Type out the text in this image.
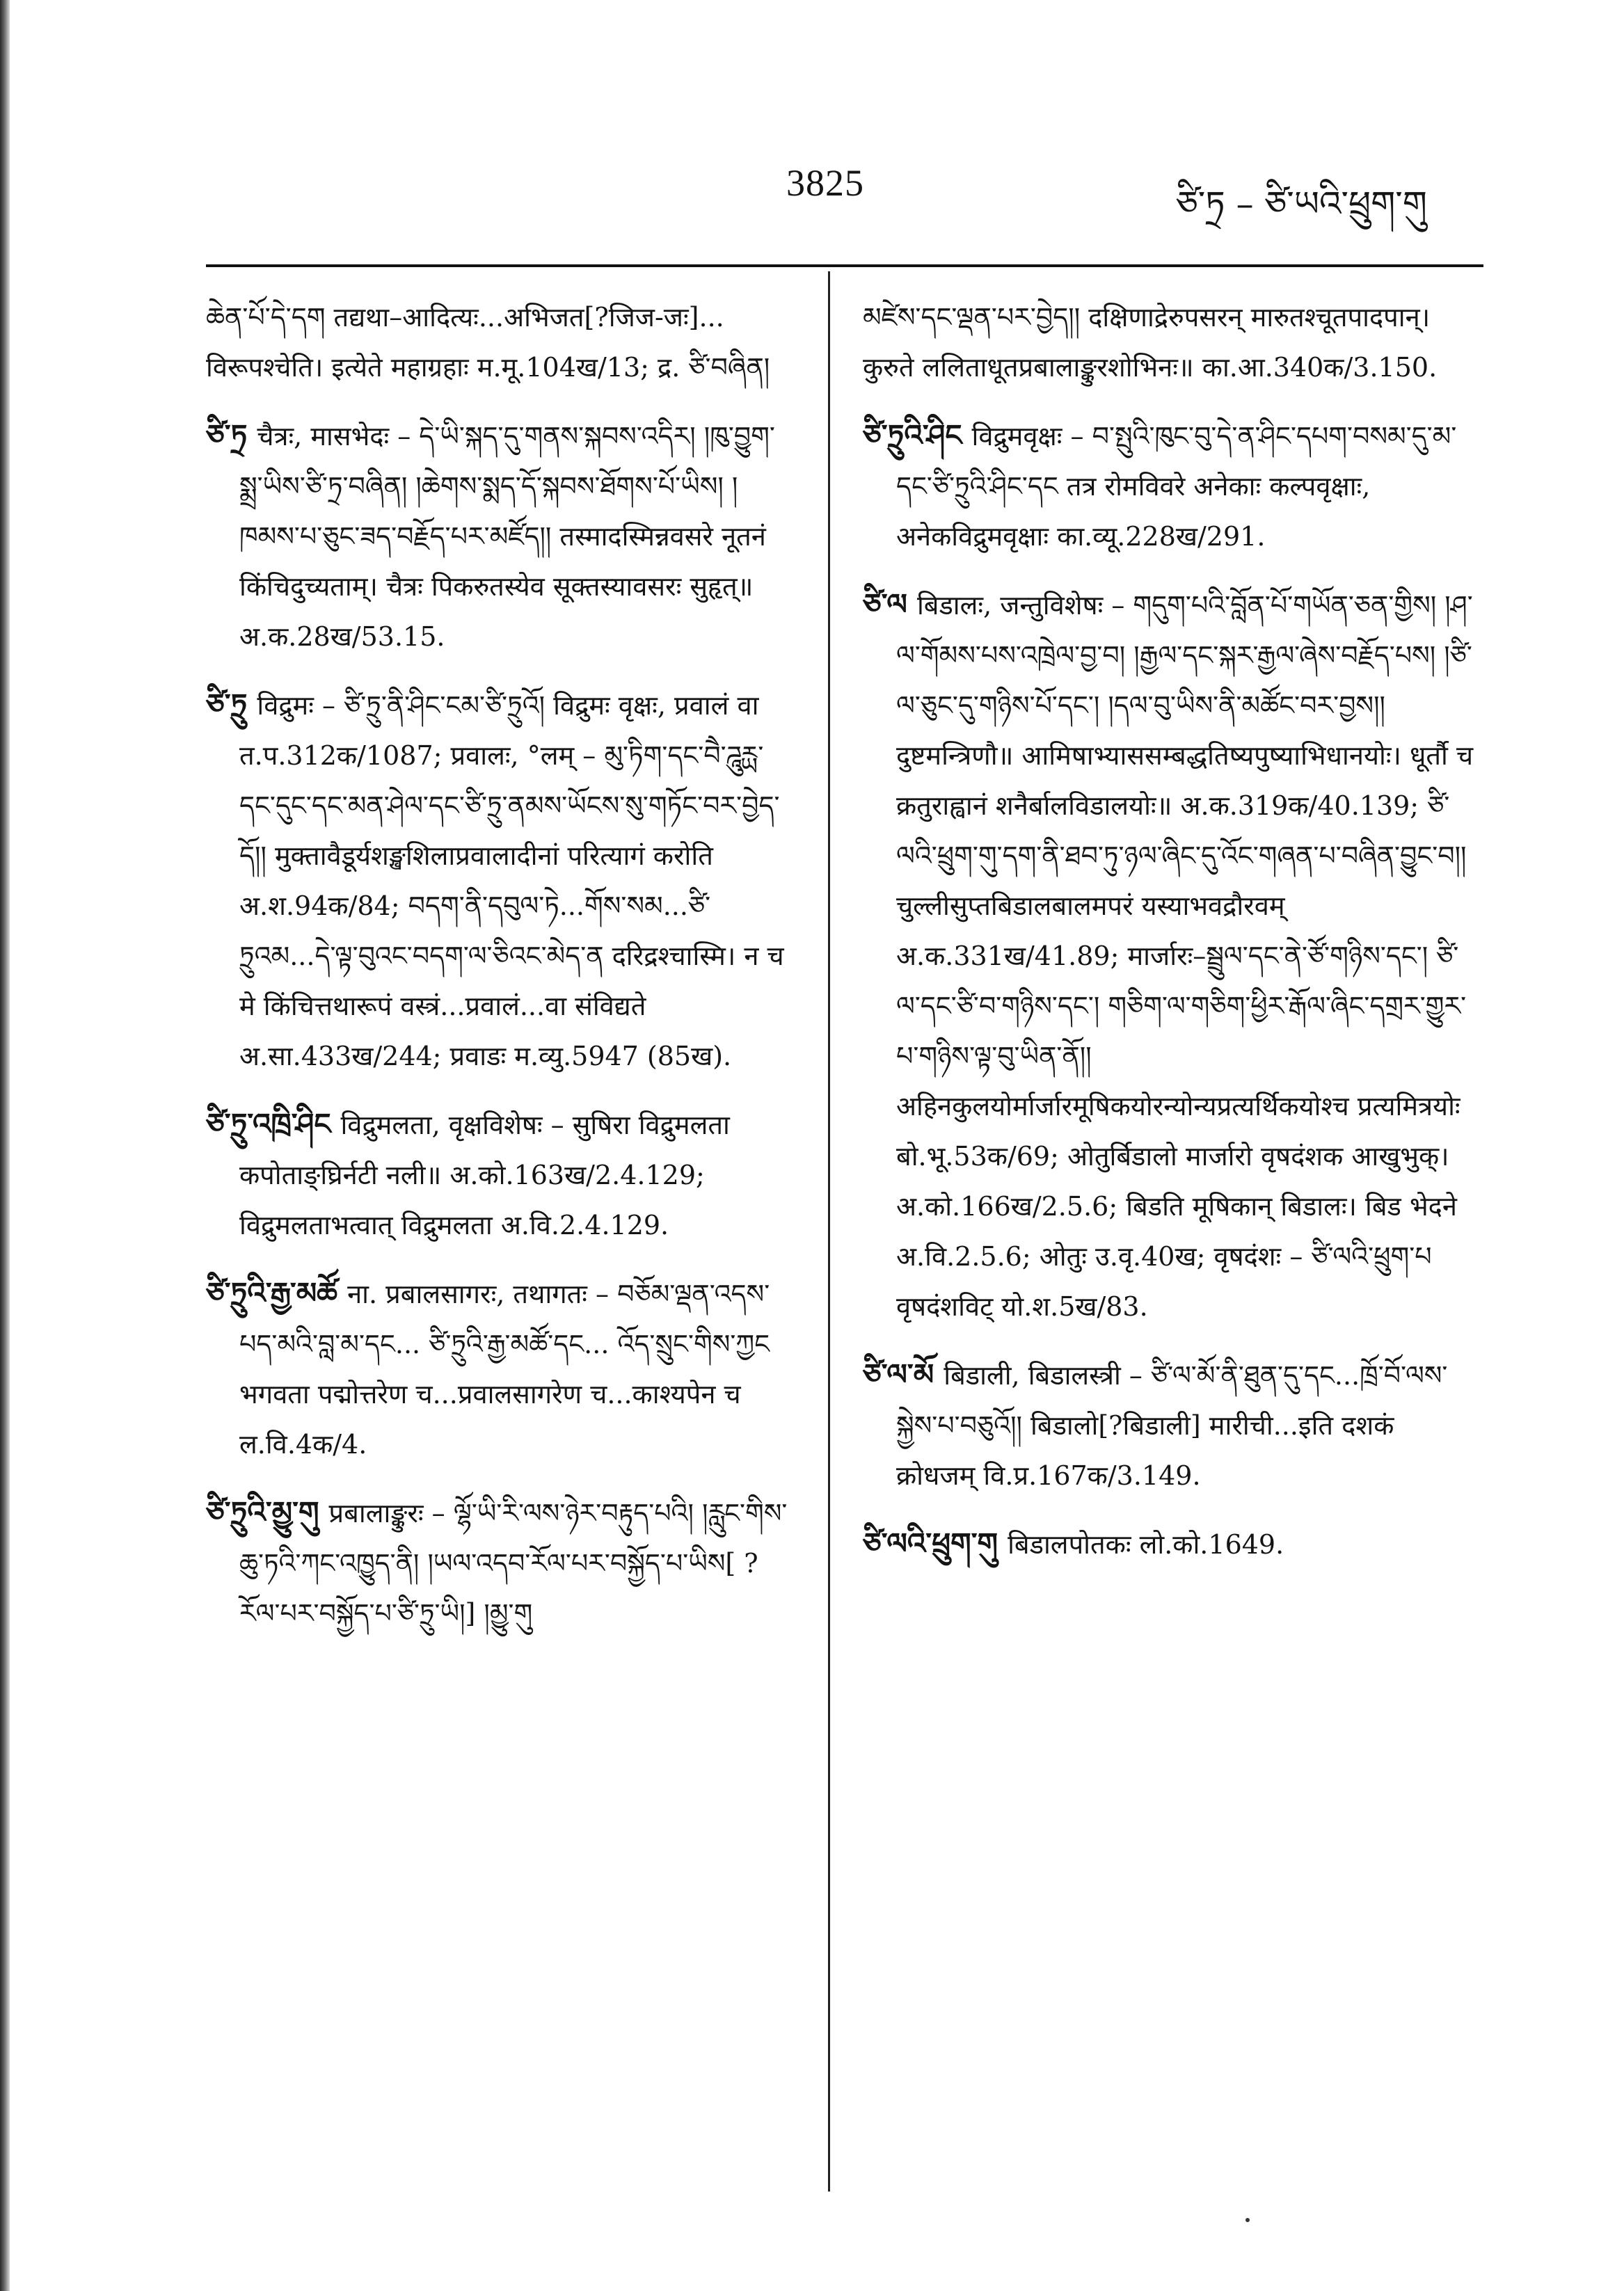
3825	ཙི་ཏྲ – ཙི་ཡའི་ཕྲུག་གུ

ཆེན་པོ་དེ་དག तद्यथा–आदित्यः...अभिजत[?जिज-जः]... विरूपश्चेति। इत्येते महाग्रहाः म.मू.104ख/13; द्र. ཙི་བཞིན།

ཙི་ཏྲ चैत्रः, मासभेदः – དེ་ཡི་སྐད་དུ་གནས་སྐབས་འདིར། །ཁུ་བྱུག་སྨྲ་ཡིས་ཙི་ཏྲ་བཞིན། །ཆེགས་སྨད་དོ་སྐབས་ཐོགས་པོ་ཡིས། །ཁམས་པ་ཅུང་ཟད་བརྗོད་པར་མཛོད།། तस्मादस्मिन्नवसरे नूतनं किंचिदुच्यताम्। चैत्रः पिकरुतस्येव सूक्तस्यावसरः सुहृत्॥ अ.क.28ख/53.15.

ཙི་ཏྲུ विद्रुमः – ཙི་ཏྲུ་ནི་ཤིང་ངམ་ཙི་ཏྲུའོ། विद्रुमः वृक्षः, प्रवालं वा त.प.312क/1087; प्रवालः, °लम् – མུ་ཏིག་དང་བཻ་ཌཱུརྻ་དང་དུང་དང་མན་ཤེལ་དང་ཙི་ཏྲུ་ནམས་ཡོངས་སུ་གཏོང་བར་བྱེད་དོ།། मुक्तावैडूर्यशङ्खशिलाप्रवालादीनां परित्यागं करोति अ.श.94क/84; བདག་ནི་དབུལ་ཏེ...གོས་སམ...ཙི་ཏྲུའམ...དེ་ལྟ་བུའང་བདག་ལ་ཅིའང་མེད་ན दरिद्रश्चास्मि। न च मे किंचित्तथारूपं वस्त्रं...प्रवालं...वा संविद्यते अ.सा.433ख/244; प्रवाडः म.व्यु.5947 (85ख).

ཙི་ཏྲུ་འཁྲི་ཤིང विद्रुमलता, वृक्षविशेषः – सुषिरा विद्रुमलता कपोताङ्घ्रिर्नटी नली॥ अ.को.163ख/2.4.129; विद्रुमलताभत्वात् विद्रुमलता अ.वि.2.4.129.

ཙི་ཏྲུའི་རྒྱ་མཚོ ना. प्रबालसागरः, तथागतः – བཅོམ་ལྡན་འདས་པད་མའི་བླ་མ་དང... ཙི་ཏྲུའི་རྒྱ་མཚོ་དང... འོད་སྲུང་གིས་ཀྱང भगवता पद्मोत्तरेण च...प्रवालसागरेण च...काश्यपेन च ल.वि.4क/4.

ཙི་ཏྲུའི་མྱུ་གུ प्रबालाङ्कुरः – ལྷོ་ཡི་རི་ལས་ཉེར་བརྟུད་པའི། །རླུང་གིས་ཆུ་ཏའི་ཀང་འཁྱུད་ནི། །ཡལ་འདབ་རོལ་པར་བསྐྱོད་པ་ཡིས[ ? རོལ་པར་བསྐྱོད་པ་ཙི་ཏྲུ་ཡི།] །མྱུ་གུ

མཛེས་དང་ལྡན་པར་བྱེད།། दक्षिणाद्रेरुपसरन् मारुतश्चूतपादपान्। कुरुते ललिताधूतप्रबालाङ्कुरशोभिनः॥ का.आ.340क/3.150.

ཙི་ཏྲུའི་ཤིང विद्रुमवृक्षः – བ་སྤུའི་ཁུང་བུ་དེ་ན་ཤིང་དཔག་བསམ་དུ་མ་དང་ཙི་ཏྲུའི་ཤིང་དང तत्र रोमविवरे अनेकाः कल्पवृक्षाः, अनेकविद्रुमवृक्षाः का.व्यू.228ख/291.

ཙི་ལ बिडालः, जन्तुविशेषः – གདུག་པའི་བློན་པོ་གཡོན་ཅན་གྱིས། །ཤ་ལ་གོམས་པས་འཁྲེལ་བྱ་བ། །རྒྱལ་དང་སྐར་རྒྱལ་ཞེས་བརྗོད་པས། །ཙི་ལ་ཅུང་དུ་གཉིས་པོ་དང་། །དལ་བུ་ཡིས་ནི་མཚོང་བར་བྱས།། दुष्टमन्त्रिणौ॥ आमिषाभ्याससम्बद्धतिष्यपुष्याभिधानयोः। धूर्तौ च क्रतुराह्वानं शनैर्बालविडालयोः॥ अ.क.319क/40.139; ཙི་ལའི་ཕྲུག་གུ་དག་ནི་ཐབ་ཏུ་ཉལ་ཞིང་དུ་འོང་གཞན་པ་བཞིན་བྱུང་བ།། चुल्लीसुप्तबिडालबालमपरं यस्याभवद्रौरवम् अ.क.331ख/41.89; मार्जारः–སྦྲུལ་དང་ནེ་ཙོ་གཉིས་དང་། ཙི་ལ་དང་ཙི་བ་གཉིས་དང་། གཅིག་ལ་གཅིག་ཕྱིར་རྒོལ་ཞིང་དགྲར་གྱུར་པ་གཉིས་ལྟ་བུ་ཡིན་ནོ།། अहिनकुलयोर्मार्जारमूषिकयोरन्योन्यप्रत्यर्थिकयोश्च प्रत्यमित्रयोः बो.भू.53क/69; ओतुर्बिडालो मार्जारो वृषदंशक आखुभुक्। अ.को.166ख/2.5.6; बिडति मूषिकान् बिडालः। बिड भेदने अ.वि.2.5.6; ओतुः उ.वृ.40ख; वृषदंशः – ཙི་ལའི་ཕྲུག་པ वृषदंशविट् यो.श.5ख/83.

ཙི་ལ་མོ बिडाली, बिडालस्त्री – ཙི་ལ་མོ་ནི་ཐུན་དུ་དང...ཁྲོ་བོ་ལས་སྐྱེས་པ་བཅུའོ།། बिडालो[?बिडाली] मारीची...इति दशकं क्रोधजम् वि.प्र.167क/3.149.

ཙི་ལའི་ཕྲུག་གུ बिडालपोतकः लो.को.1649.
